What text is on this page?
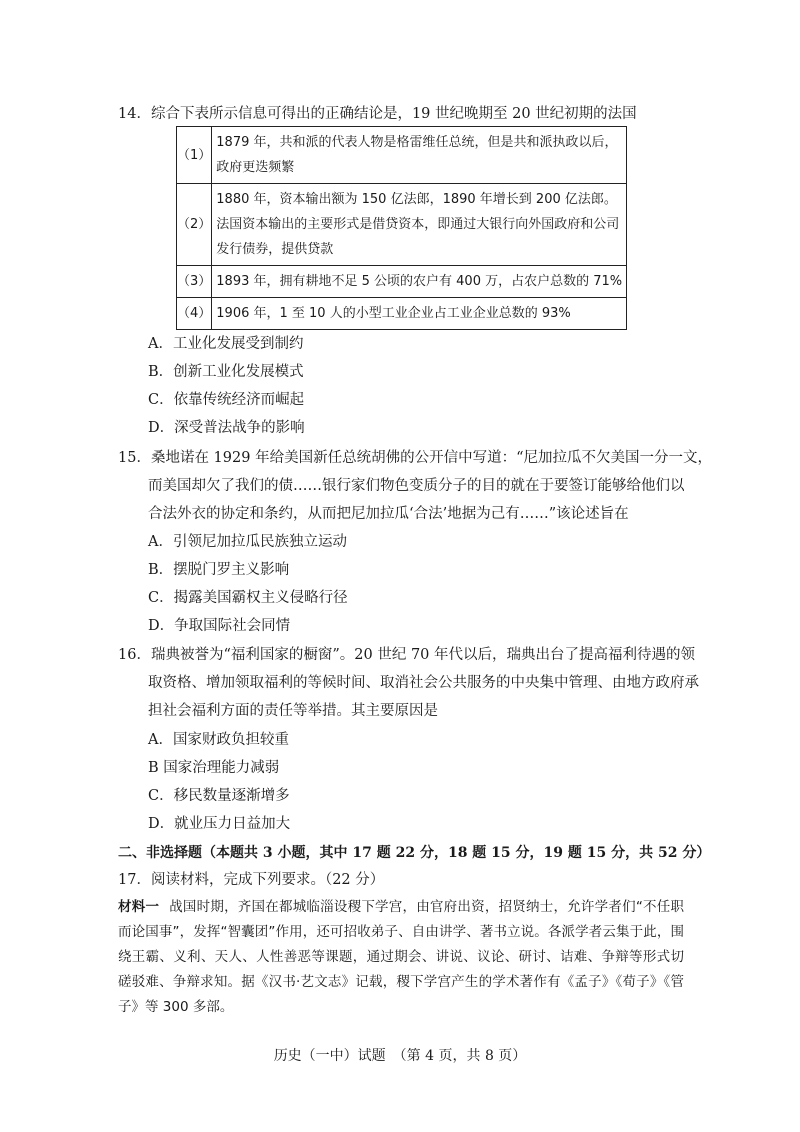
14．综合下表所示信息可得出的正确结论是，19 世纪晚期至 20 世纪初期的法国
（1）	1879 年，共和派的代表人物是格雷维任总统，但是共和派执政以后，政府更迭频繁
（2）	1880 年，资本输出额为 150 亿法郎，1890 年增长到 200 亿法郎。法国资本输出的主要形式是借贷资本，即通过大银行向外国政府和公司发行债券，提供贷款
（3）	1893 年，拥有耕地不足 5 公顷的农户有 400 万，占农户总数的 71%
（4）	1906 年，1 至 10 人的小型工业企业占工业企业总数的 93%
A．工业化发展受到制约
B．创新工业化发展模式
C．依靠传统经济而崛起
D．深受普法战争的影响
15．桑地诺在 1929 年给美国新任总统胡佛的公开信中写道：“尼加拉瓜不欠美国一分一文，
而美国却欠了我们的债……银行家们物色变质分子的目的就在于要签订能够给他们以
合法外衣的协定和条约，从而把尼加拉瓜‘合法’地据为己有……”该论述旨在
A．引领尼加拉瓜民族独立运动
B．摆脱门罗主义影响
C．揭露美国霸权主义侵略行径
D．争取国际社会同情
16．瑞典被誉为“福利国家的橱窗”。20 世纪 70 年代以后，瑞典出台了提高福利待遇的领
取资格、增加领取福利的等候时间、取消社会公共服务的中央集中管理、由地方政府承
担社会福利方面的责任等举措。其主要原因是
A．国家财政负担较重
B 国家治理能力减弱
C．移民数量逐渐增多
D．就业压力日益加大
二、非选择题（本题共 3 小题，其中 17 题 22 分，18 题 15 分，19 题 15 分，共 52 分）
17．阅读材料，完成下列要求。（22 分）
材料一 战国时期，齐国在都城临淄设稷下学宫，由官府出资，招贤纳士，允许学者们“不任职而论国事”，发挥“智囊团”作用，还可招收弟子、自由讲学、著书立说。各派学者云集于此，围绕王霸、义利、天人、人性善恶等课题，通过期会、讲说、议论、研讨、诘难、争辩等形式切磋驳难、争辩求知。据《汉书·艺文志》记载，稷下学宫产生的学术著作有《孟子》《荀子》《管子》等 300 多部。
历史（一中）试题　（第 4 页，共 8 页）
